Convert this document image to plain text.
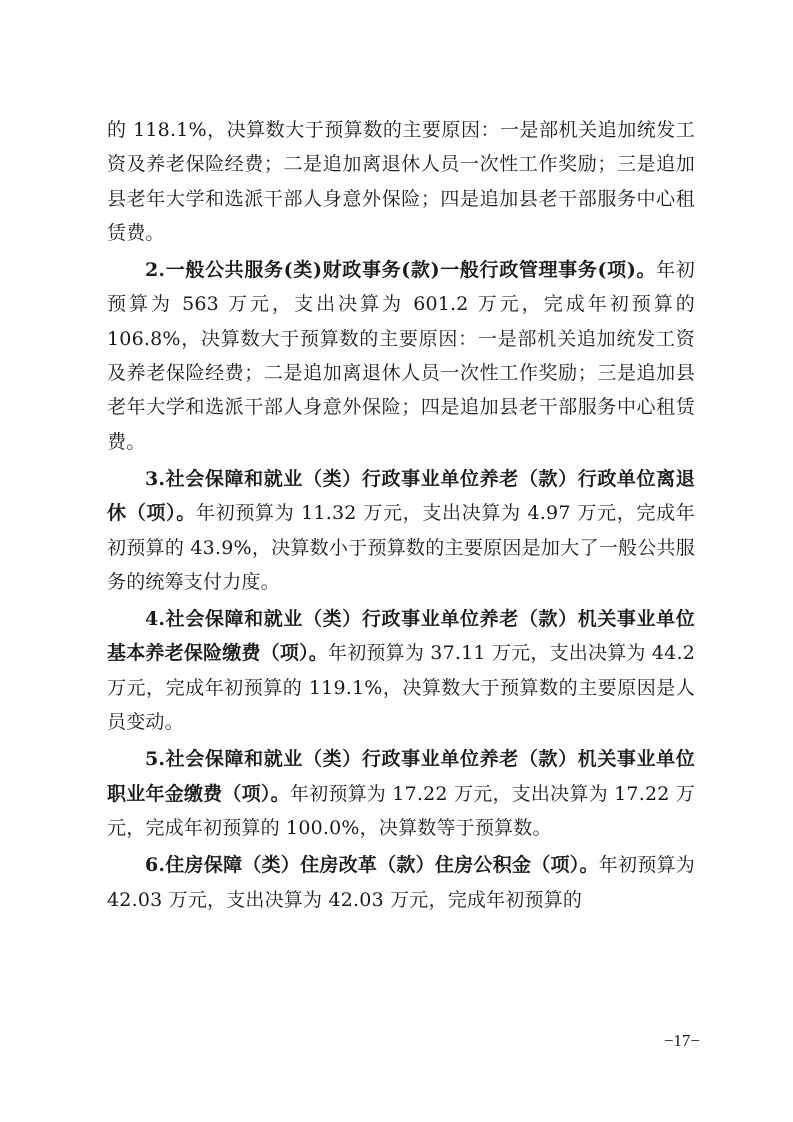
的 118.1%，决算数大于预算数的主要原因：一是部机关追加统发工资及养老保险经费；二是追加离退休人员一次性工作奖励；三是追加县老年大学和选派干部人身意外保险；四是追加县老干部服务中心租赁费。

2.一般公共服务(类)财政事务(款)一般行政管理事务(项)。年初预算为 563 万元，支出决算为 601.2 万元，完成年初预算的 106.8%，决算数大于预算数的主要原因：一是部机关追加统发工资及养老保险经费；二是追加离退休人员一次性工作奖励；三是追加县老年大学和选派干部人身意外保险；四是追加县老干部服务中心租赁费。

3.社会保障和就业（类）行政事业单位养老（款）行政单位离退休（项）。年初预算为 11.32 万元，支出决算为 4.97 万元，完成年初预算的 43.9%，决算数小于预算数的主要原因是加大了一般公共服务的统筹支付力度。

4.社会保障和就业（类）行政事业单位养老（款）机关事业单位基本养老保险缴费（项）。年初预算为 37.11 万元，支出决算为 44.2 万元，完成年初预算的 119.1%，决算数大于预算数的主要原因是人员变动。

5.社会保障和就业（类）行政事业单位养老（款）机关事业单位职业年金缴费（项）。年初预算为 17.22 万元，支出决算为 17.22 万元，完成年初预算的 100.0%，决算数等于预算数。

6.住房保障（类）住房改革（款）住房公积金（项）。年初预算为 42.03 万元，支出决算为 42.03 万元，完成年初预算的

−17−
